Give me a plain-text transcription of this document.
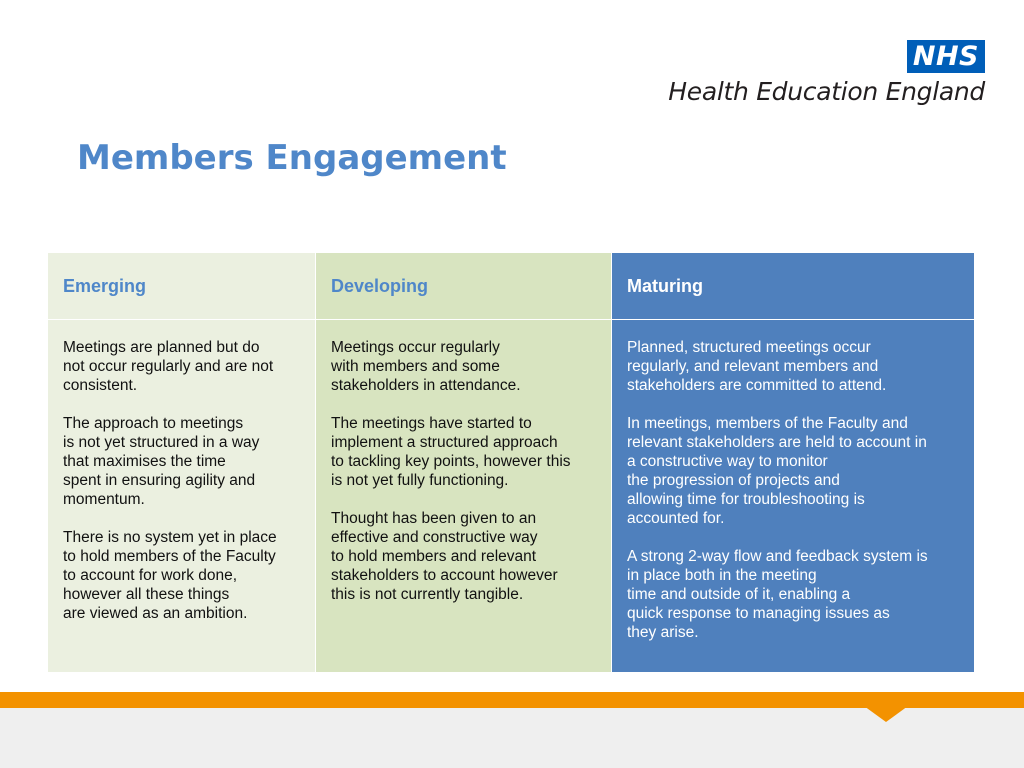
NHS
Health Education England
Members Engagement
Emerging	Developing	Maturing

Meetings are planned but do
not occur regularly and are not
consistent.

The approach to meetings
is not yet structured in a way
that maximises the time
spent in ensuring agility and
momentum.

There is no system yet in place
to hold members of the Faculty
to account for work done,
however all these things
are viewed as an ambition.

Meetings occur regularly
with members and some
stakeholders in attendance.

The meetings have started to
implement a structured approach
to tackling key points, however this
is not yet fully functioning.

Thought has been given to an
effective and constructive way
to hold members and relevant
stakeholders to account however
this is not currently tangible.

Planned, structured meetings occur
regularly, and relevant members and
stakeholders are committed to attend.

In meetings, members of the Faculty and
relevant stakeholders are held to account in
a constructive way to monitor
the progression of projects and
allowing time for troubleshooting is
accounted for.

A strong 2-way flow and feedback system is
in place both in the meeting
time and outside of it, enabling a
quick response to managing issues as
they arise.
